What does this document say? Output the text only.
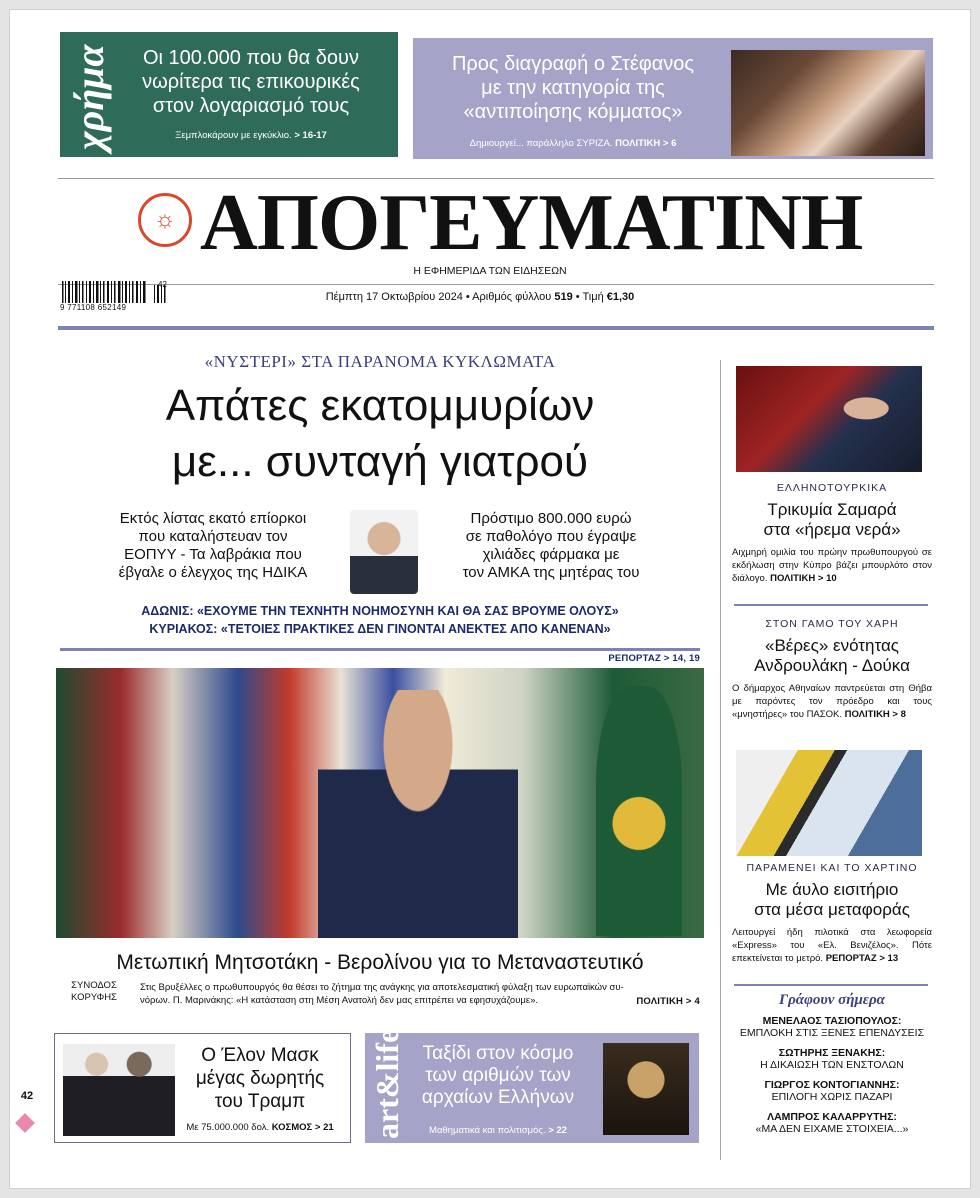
χρήμα	Οι 100.000 που θα δουν
νωρίτερα τις επικουρικές
στον λογαριασμό τους
Ξεμπλοκάρουν με εγκύκλιο. > 16-17
Προς διαγραφή ο Στέφανος
με την κατηγορία της
«αντιποίησης κόμματος»
Δημιουργεί... παράλληλο ΣΥΡΙΖΑ. ΠΟΛΙΤΙΚΗ > 6
☼ ΑΠΟΓΕΥΜΑΤΙΝΗ
Η ΕΦΗΜΕΡΙΔΑ ΤΩΝ ΕΙΔΗΣΕΩΝ
9 771108 652149
42
Πέμπτη 17 Οκτωβρίου 2024 • Αριθμός φύλλου 519 • Τιμή €1,30
«ΝΥΣΤΕΡΙ» ΣΤΑ ΠΑΡΑΝΟΜΑ ΚΥΚΛΩΜΑΤΑ
Απάτες εκατομμυρίων
με... συνταγή γιατρού
Εκτός λίστας εκατό επίορκοι
που καταλήστευαν τον
ΕΟΠΥΥ - Τα λαβράκια που
έβγαλε ο έλεγχος της ΗΔΙΚΑ
Πρόστιμο 800.000 ευρώ
σε παθολόγο που έγραψε
χιλιάδες φάρμακα με
τον ΑΜΚΑ της μητέρας του
ΑΔΩΝΙΣ: «ΕΧΟΥΜΕ ΤΗΝ ΤΕΧΝΗΤΗ ΝΟΗΜΟΣΥΝΗ ΚΑΙ ΘΑ ΣΑΣ ΒΡΟΥΜΕ ΟΛΟΥΣ»
ΚΥΡΙΑΚΟΣ: «ΤΕΤΟΙΕΣ ΠΡΑΚΤΙΚΕΣ ΔΕΝ ΓΙΝΟΝΤΑΙ ΑΝΕΚΤΕΣ ΑΠΟ ΚΑΝΕΝΑΝ»
ΡΕΠΟΡΤΑΖ > 14, 19
Μετωπική Μητσοτάκη - Βερολίνου για το Μεταναστευτικό
ΣΥΝΟΔΟΣ
ΚΟΡΥΦΗΣ
Στις Βρυξέλλες ο πρωθυπουργός θα θέσει το ζήτημα της ανάγκης για αποτελεσματική φύλαξη των ευρωπαϊκών συ-
νόρων. Π. Μαρινάκης: «Η κατάσταση στη Μέση Ανατολή δεν μας επιτρέπει να εφησυχάζουμε».	ΠΟΛΙΤΙΚΗ > 4
Ο Έλον Μασκ
μέγας δωρητής
του Τραμπ
Με 75.000.000 δολ. ΚΟΣΜΟΣ > 21	art&life Ταξίδι στον κόσμο
των αριθμών των
αρχαίων Ελλήνων
Μαθηματικά και πολιτισμός. > 22
42
ΕΛΛΗΝΟΤΟΥΡΚΙΚΑ
Τρικυμία Σαμαρά
στα «ήρεμα νερά»
Αιχμηρή ομιλία του πρώην πρωθυπουργού σε εκδήλωση στην Κύπρο βάζει μπουρλότο στον διάλογο. ΠΟΛΙΤΙΚΗ > 10
ΣΤΟΝ ΓΑΜΟ ΤΟΥ ΧΑΡΗ
«Βέρες» ενότητας
Ανδρουλάκη - Δούκα
Ο δήμαρχος Αθηναίων παντρεύεται στη Θήβα με παρόντες τον πρόεδρο και τους «μνηστήρες» του ΠΑΣΟΚ. ΠΟΛΙΤΙΚΗ > 8
ΠΑΡΑΜΕΝΕΙ ΚΑΙ ΤΟ ΧΑΡΤΙΝΟ
Με άυλο εισιτήριο
στα μέσα μεταφοράς
Λειτουργεί ήδη πιλοτικά στα λεωφορεία «Express» του «Ελ. Βενιζέλος». Πότε επεκτείνεται το μετρό. ΡΕΠΟΡΤΑΖ > 13
Γράφουν σήμερα
ΜΕΝΕΛΑΟΣ ΤΑΣΙΟΠΟΥΛΟΣ:
ΕΜΠΛΟΚΗ ΣΤΙΣ ΞΕΝΕΣ ΕΠΕΝΔΥΣΕΙΣ
ΣΩΤΗΡΗΣ ΞΕΝΑΚΗΣ:
Η ΔΙΚΑΙΩΣΗ ΤΩΝ ΕΝΣΤΟΛΩΝ
ΓΙΩΡΓΟΣ ΚΟΝΤΟΓΙΑΝΝΗΣ:
ΕΠΙΛΟΓΗ ΧΩΡΙΣ ΠΑΖΑΡΙ
ΛΑΜΠΡΟΣ ΚΑΛΑΡΡΥΤΗΣ:
«ΜΑ ΔΕΝ ΕΙΧΑΜΕ ΣΤΟΙΧΕΙΑ...»
